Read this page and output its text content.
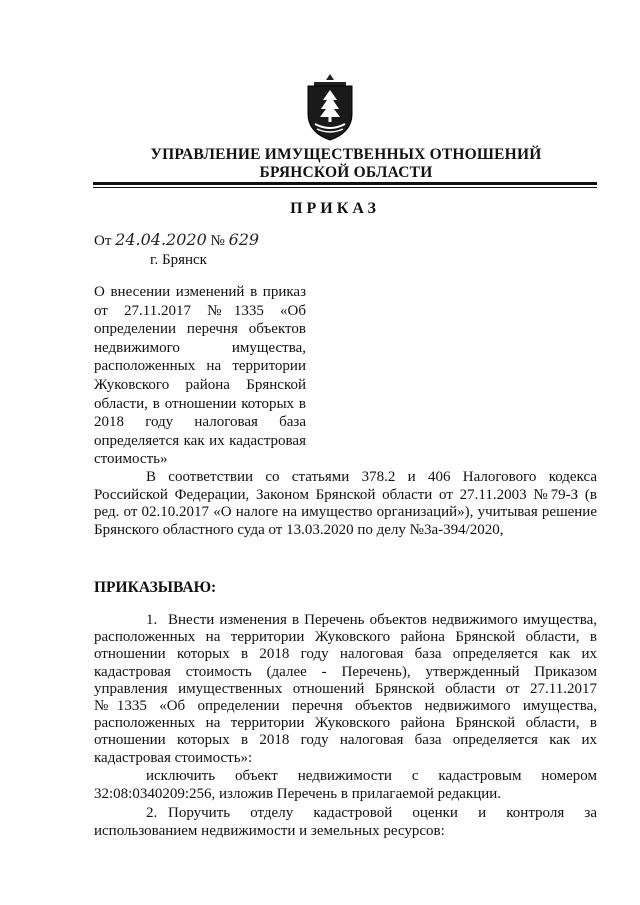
УПРАВЛЕНИЕ ИМУЩЕСТВЕННЫХ ОТНОШЕНИЙ
БРЯНСКОЙ ОБЛАСТИ
ПРИКАЗ
От 24.04.2020 № 629
г. Брянск
О внесении изменений в приказ от 27.11.2017 №1335 «Об определении перечня объектов недвижимого имущества, расположенных на территории Жуковского района Брянской области, в отношении которых в 2018 году налоговая база определяется как их кадастровая стоимость»
В соответствии со статьями 378.2 и 406 Налогового кодекса Российской Федерации, Законом Брянской области от 27.11.2003 №79-З (в ред. от 02.10.2017 «О налоге на имущество организаций»), учитывая решение Брянского областного суда от 13.03.2020 по делу №3а-394/2020,
ПРИКАЗЫВАЮ:
1. Внести изменения в Перечень объектов недвижимого имущества, расположенных на территории Жуковского района Брянской области, в отношении которых в 2018 году налоговая база определяется как их кадастровая стоимость (далее - Перечень), утвержденный Приказом управления имущественных отношений Брянской области от 27.11.2017 №1335 «Об определении перечня объектов недвижимого имущества, расположенных на территории Жуковского района Брянской области, в отношении которых в 2018 году налоговая база определяется как их кадастровая стоимость»:
исключить объект недвижимости с кадастровым номером 32:08:0340209:256, изложив Перечень в прилагаемой редакции.
2. Поручить отделу кадастровой оценки и контроля за использованием недвижимости и земельных ресурсов:
